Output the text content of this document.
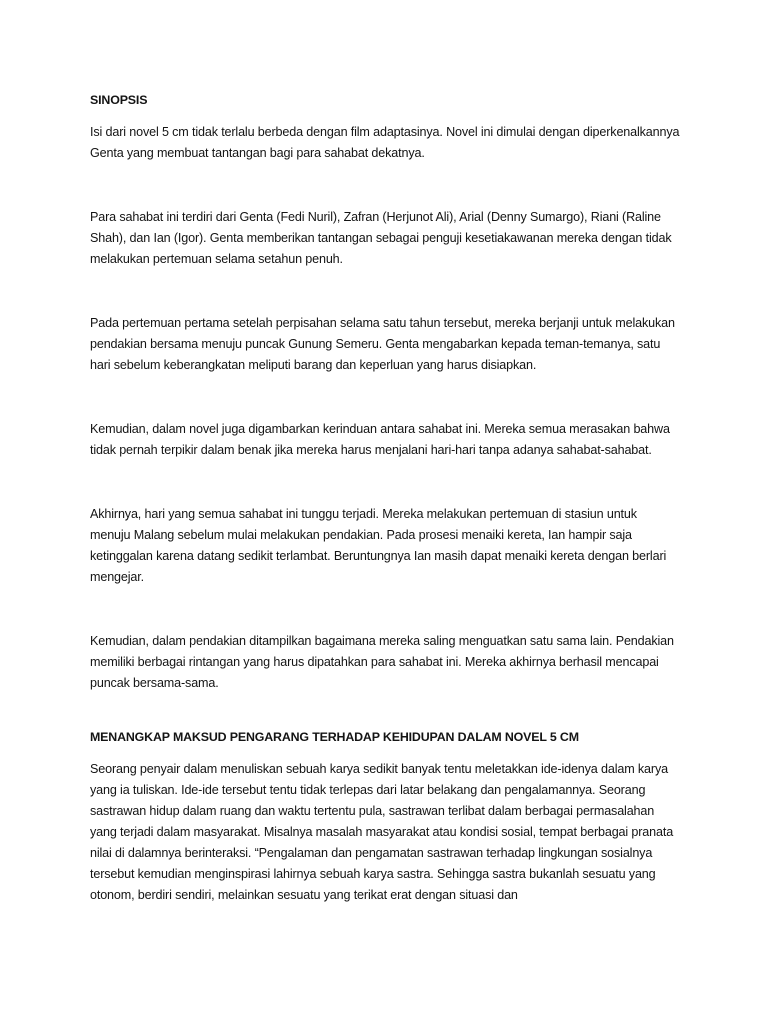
SINOPSIS

Isi dari novel 5 cm tidak terlalu berbeda dengan film adaptasinya. Novel ini dimulai dengan diperkenalkannya Genta yang membuat tantangan bagi para sahabat dekatnya.

Para sahabat ini terdiri dari Genta (Fedi Nuril), Zafran (Herjunot Ali), Arial (Denny Sumargo), Riani (Raline Shah), dan Ian (Igor). Genta memberikan tantangan sebagai penguji kesetiakawanan mereka dengan tidak melakukan pertemuan selama setahun penuh.

Pada pertemuan pertama setelah perpisahan selama satu tahun tersebut, mereka berjanji untuk melakukan pendakian bersama menuju puncak Gunung Semeru. Genta mengabarkan kepada teman-temanya, satu hari sebelum keberangkatan meliputi barang dan keperluan yang harus disiapkan.

Kemudian, dalam novel juga digambarkan kerinduan antara sahabat ini. Mereka semua merasakan bahwa tidak pernah terpikir dalam benak jika mereka harus menjalani hari-hari tanpa adanya sahabat-sahabat.

Akhirnya, hari yang semua sahabat ini tunggu terjadi. Mereka melakukan pertemuan di stasiun untuk menuju Malang sebelum mulai melakukan pendakian. Pada prosesi menaiki kereta, Ian hampir saja ketinggalan karena datang sedikit terlambat. Beruntungnya Ian masih dapat menaiki kereta dengan berlari mengejar.

Kemudian, dalam pendakian ditampilkan bagaimana mereka saling menguatkan satu sama lain. Pendakian memiliki berbagai rintangan yang harus dipatahkan para sahabat ini. Mereka akhirnya berhasil mencapai puncak bersama-sama.

MENANGKAP MAKSUD PENGARANG TERHADAP KEHIDUPAN DALAM NOVEL 5 CM

Seorang penyair dalam menuliskan sebuah karya sedikit banyak tentu meletakkan ide-idenya dalam karya yang ia tuliskan. Ide-ide tersebut tentu tidak terlepas dari latar belakang dan pengalamannya. Seorang sastrawan hidup dalam ruang dan waktu tertentu pula, sastrawan terlibat dalam berbagai permasalahan yang terjadi dalam masyarakat. Misalnya masalah masyarakat atau kondisi sosial, tempat berbagai pranata nilai di dalamnya berinteraksi. “Pengalaman dan pengamatan sastrawan terhadap lingkungan sosialnya tersebut kemudian menginspirasi lahirnya sebuah karya sastra. Sehingga sastra bukanlah sesuatu yang otonom, berdiri sendiri, melainkan sesuatu yang terikat erat dengan situasi dan
